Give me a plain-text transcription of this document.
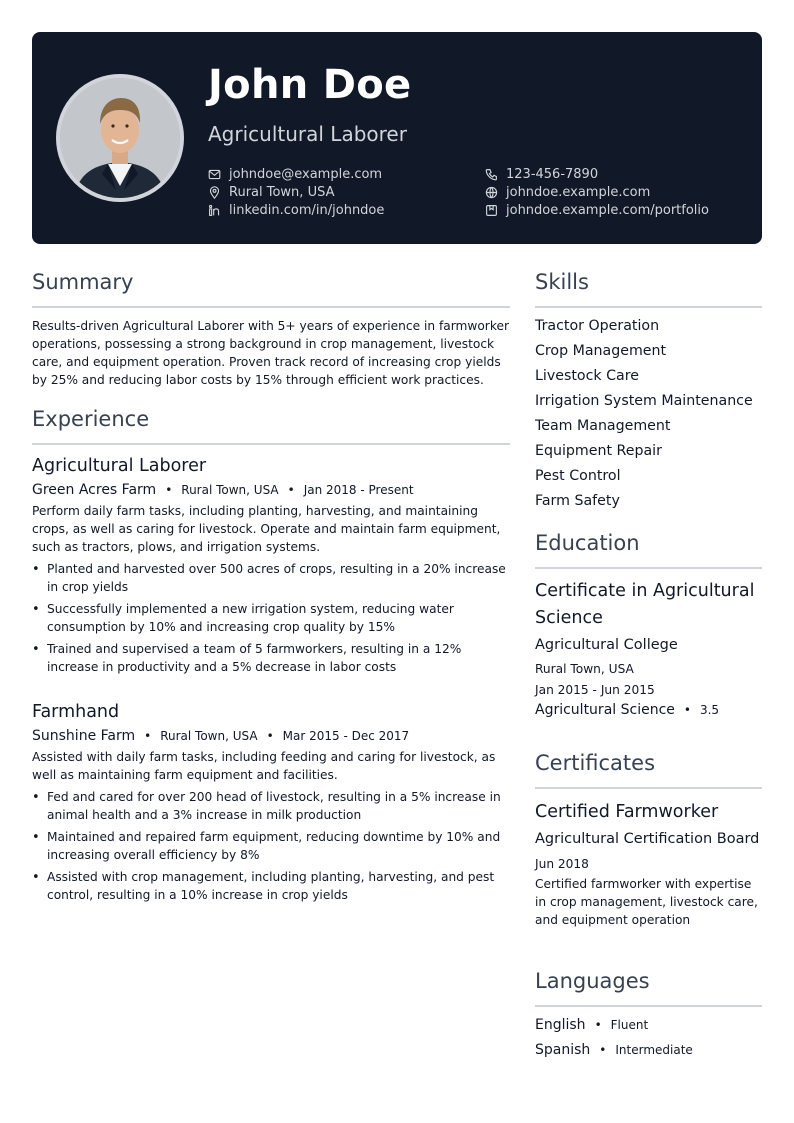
John Doe
Agricultural Laborer
johndoe@example.com
Rural Town, USA
linkedin.com/in/johndoe
123-456-7890
johndoe.example.com
johndoe.example.com/portfolio
Summary
Results-driven Agricultural Laborer with 5+ years of experience in farmworker operations, possessing a strong background in crop management, livestock care, and equipment operation. Proven track record of increasing crop yields by 25% and reducing labor costs by 15% through efficient work practices.
Experience
Agricultural Laborer
Green Acres Farm • Rural Town, USA • Jan 2018 - Present
Perform daily farm tasks, including planting, harvesting, and maintaining crops, as well as caring for livestock. Operate and maintain farm equipment, such as tractors, plows, and irrigation systems.
• Planted and harvested over 500 acres of crops, resulting in a 20% increase in crop yields
• Successfully implemented a new irrigation system, reducing water consumption by 10% and increasing crop quality by 15%
• Trained and supervised a team of 5 farmworkers, resulting in a 12% increase in productivity and a 5% decrease in labor costs
Farmhand
Sunshine Farm • Rural Town, USA • Mar 2015 - Dec 2017
Assisted with daily farm tasks, including feeding and caring for livestock, as well as maintaining farm equipment and facilities.
• Fed and cared for over 200 head of livestock, resulting in a 5% increase in animal health and a 3% increase in milk production
• Maintained and repaired farm equipment, reducing downtime by 10% and increasing overall efficiency by 8%
• Assisted with crop management, including planting, harvesting, and pest control, resulting in a 10% increase in crop yields
Skills
Tractor Operation
Crop Management
Livestock Care
Irrigation System Maintenance
Team Management
Equipment Repair
Pest Control
Farm Safety
Education
Certificate in Agricultural Science
Agricultural College
Rural Town, USA
Jan 2015 - Jun 2015
Agricultural Science • 3.5
Certificates
Certified Farmworker
Agricultural Certification Board
Jun 2018
Certified farmworker with expertise in crop management, livestock care, and equipment operation
Languages
English • Fluent
Spanish • Intermediate
